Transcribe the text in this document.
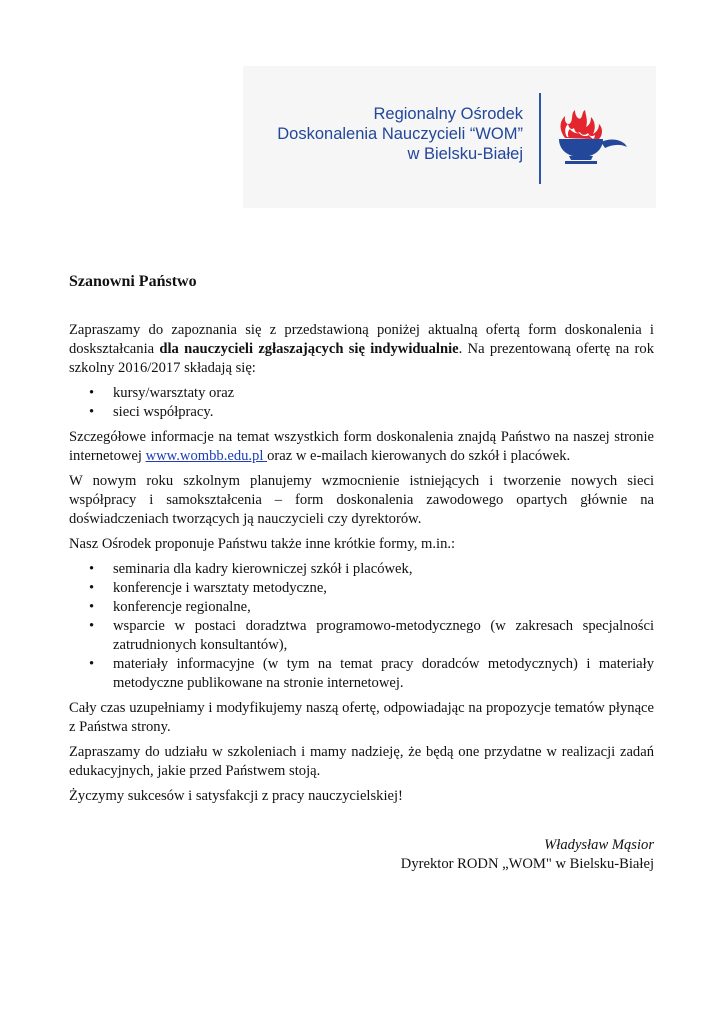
Regionalny Ośrodek
Doskonalenia Nauczycieli “WOM”
w Bielsku-Białej
Szanowni Państwo

Zapraszamy do zapoznania się z przedstawioną poniżej aktualną ofertą form doskonalenia i doskształcania dla nauczycieli zgłaszających się indywidualnie. Na prezentowaną ofertę na rok szkolny 2016/2017 składają się:

• kursy/warsztaty oraz
• sieci współpracy.

Szczegółowe informacje na temat wszystkich form doskonalenia znajdą Państwo na naszej stronie internetowej www.wombb.edu.pl oraz w e-mailach kierowanych do szkół i placówek.

W nowym roku szkolnym planujemy wzmocnienie istniejących i tworzenie nowych sieci współpracy i samokształcenia – form doskonalenia zawodowego opartych głównie na doświadczeniach tworzących ją nauczycieli czy dyrektorów.

Nasz Ośrodek proponuje Państwu także inne krótkie formy, m.in.:

• seminaria dla kadry kierowniczej szkół i placówek,
• konferencje i warsztaty metodyczne,
• konferencje regionalne,
• wsparcie w postaci doradztwa programowo-metodycznego (w zakresach specjalności zatrudnionych konsultantów),
• materiały informacyjne (w tym na temat pracy doradców metodycznych) i materiały metodyczne publikowane na stronie internetowej.

Cały czas uzupełniamy i modyfikujemy naszą ofertę, odpowiadając na propozycje tematów płynące z Państwa strony.

Zapraszamy do udziału w szkoleniach i mamy nadzieję, że będą one przydatne w realizacji zadań edukacyjnych, jakie przed Państwem stoją.

Życzymy sukcesów i satysfakcji z pracy nauczycielskiej!

Władysław Mąsior
Dyrektor RODN „WOM" w Bielsku-Białej
